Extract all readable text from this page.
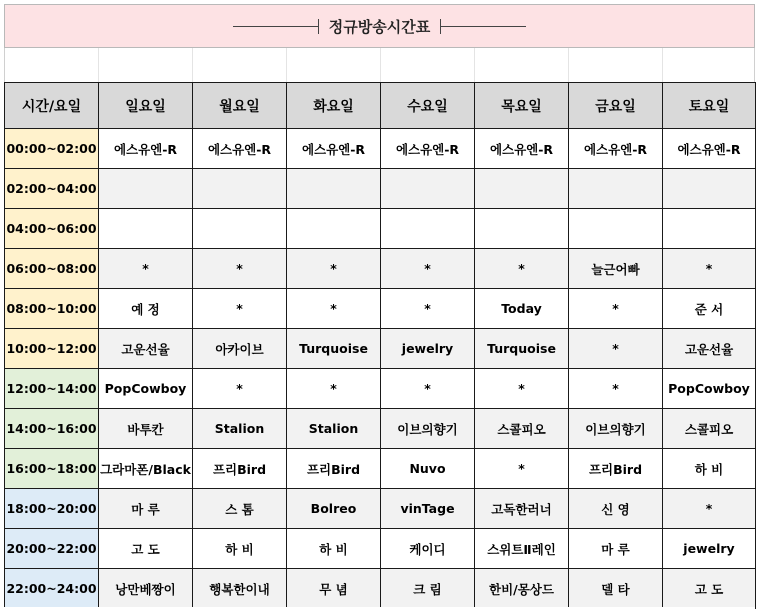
정규방송시간표
시간/요일	일요일	월요일	화요일	수요일	목요일	금요일	토요일
00:00~02:00	에스유엔-R	에스유엔-R	에스유엔-R	에스유엔-R	에스유엔-R	에스유엔-R	에스유엔-R
02:00~04:00							
04:00~06:00							
06:00~08:00	*	*	*	*	*	늘근어빠	*
08:00~10:00	예 정	*	*	*	Today	*	준 서
10:00~12:00	고운선율	아카이브	Turquoise	jewelry	Turquoise	*	고운선율
12:00~14:00	PopCowboy	*	*	*	*	*	PopCowboy
14:00~16:00	바투칸	Stalion	Stalion	이브의향기	스콜피오	이브의향기	스콜피오
16:00~18:00	그라마폰/Black	프리Bird	프리Bird	Nuvo	*	프리Bird	하 비
18:00~20:00	마 루	스 톰	Bolreo	vinTage	고독한러너	신 영	*
20:00~22:00	고 도	하 비	하 비	케이디	스위트Ⅱ레인	마 루	jewelry
22:00~24:00	낭만베짱이	행복한이내	무 념	크 림	한비/몽상드	델 타	고 도
